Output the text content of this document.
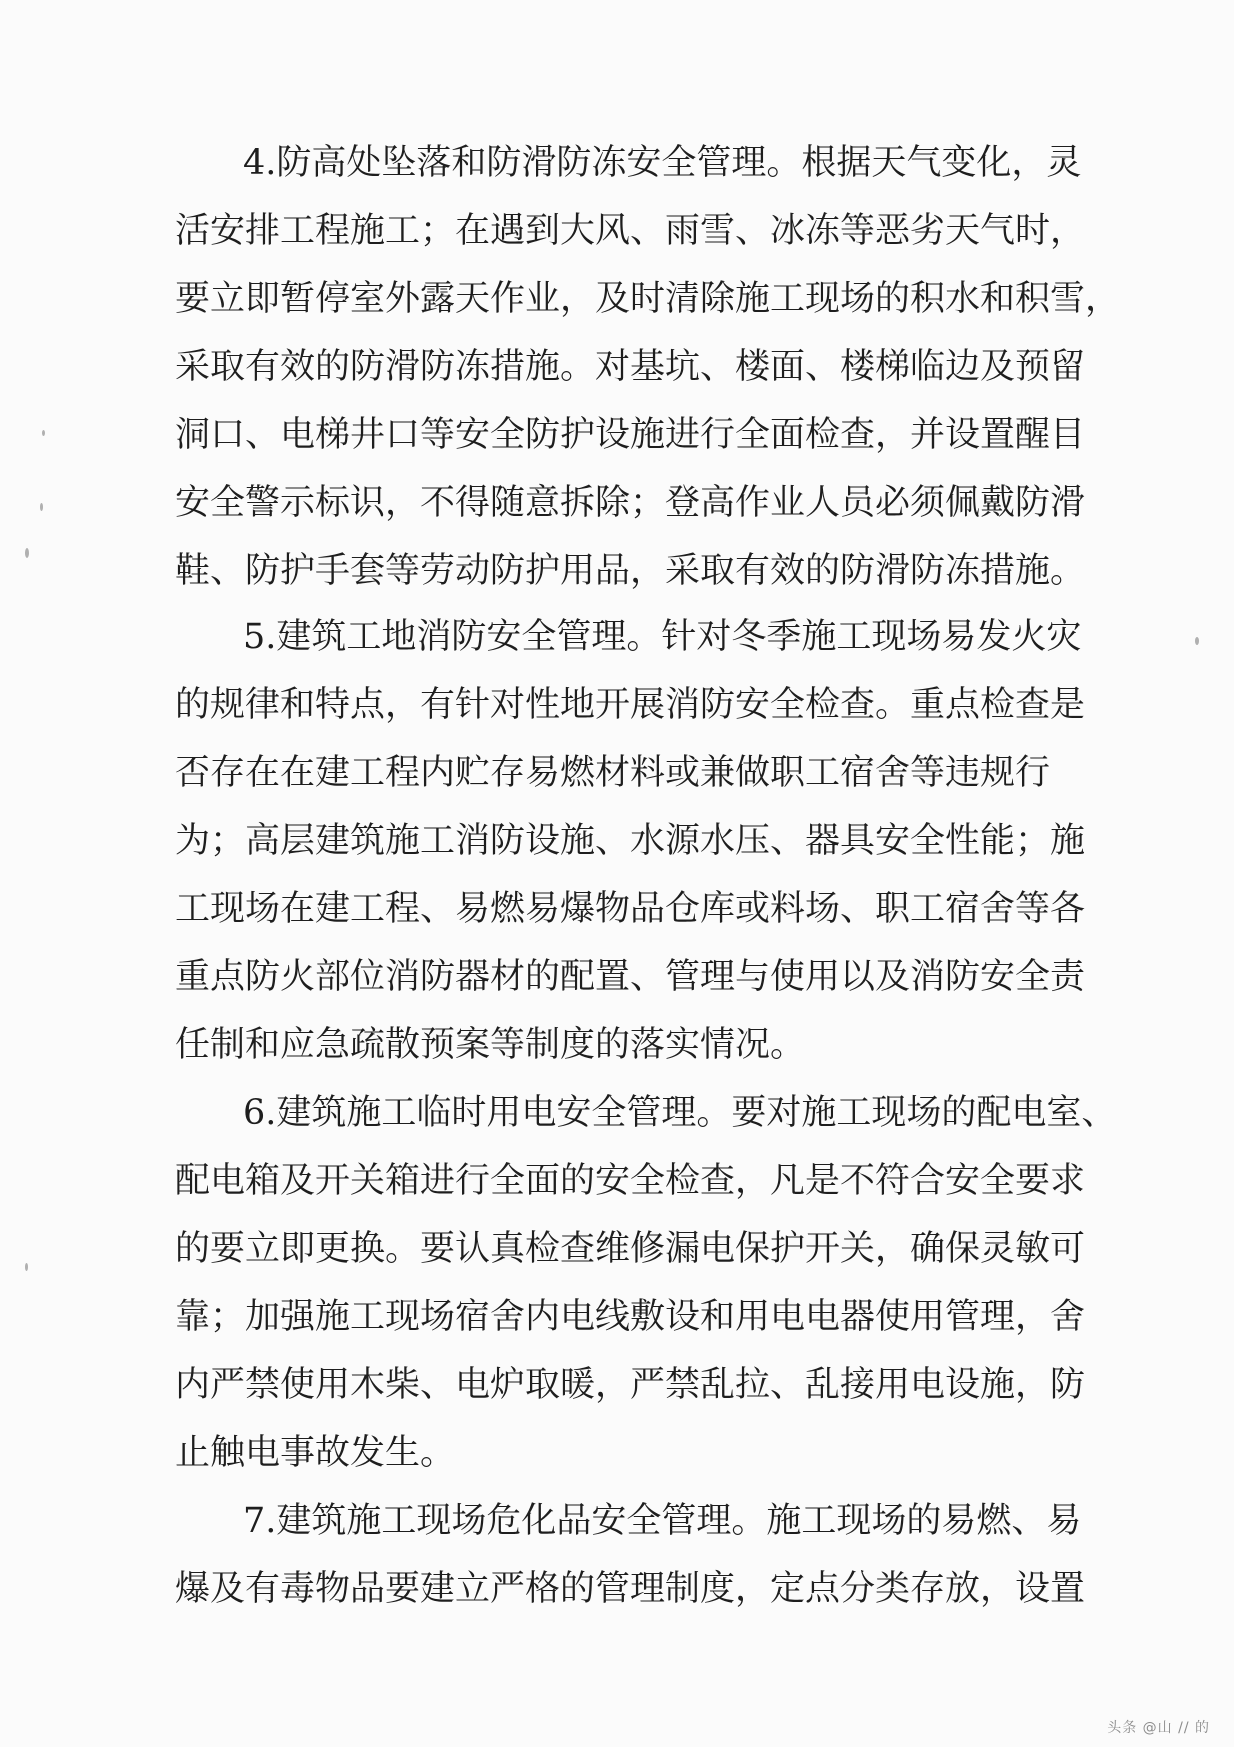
4.防高处坠落和防滑防冻安全管理。根据天气变化，灵
活安排工程施工；在遇到大风、雨雪、冰冻等恶劣天气时，
要立即暂停室外露天作业，及时清除施工现场的积水和积雪，
采取有效的防滑防冻措施。对基坑、楼面、楼梯临边及预留
洞口、电梯井口等安全防护设施进行全面检查，并设置醒目
安全警示标识，不得随意拆除；登高作业人员必须佩戴防滑
鞋、防护手套等劳动防护用品，采取有效的防滑防冻措施。
5.建筑工地消防安全管理。针对冬季施工现场易发火灾
的规律和特点，有针对性地开展消防安全检查。重点检查是
否存在在建工程内贮存易燃材料或兼做职工宿舍等违规行
为；高层建筑施工消防设施、水源水压、器具安全性能；施
工现场在建工程、易燃易爆物品仓库或料场、职工宿舍等各
重点防火部位消防器材的配置、管理与使用以及消防安全责
任制和应急疏散预案等制度的落实情况。
6.建筑施工临时用电安全管理。要对施工现场的配电室、
配电箱及开关箱进行全面的安全检查，凡是不符合安全要求
的要立即更换。要认真检查维修漏电保护开关，确保灵敏可
靠；加强施工现场宿舍内电线敷设和用电电器使用管理，舍
内严禁使用木柴、电炉取暖，严禁乱拉、乱接用电设施，防
止触电事故发生。
7.建筑施工现场危化品安全管理。施工现场的易燃、易
爆及有毒物品要建立严格的管理制度，定点分类存放，设置
头条 @山 // 的
